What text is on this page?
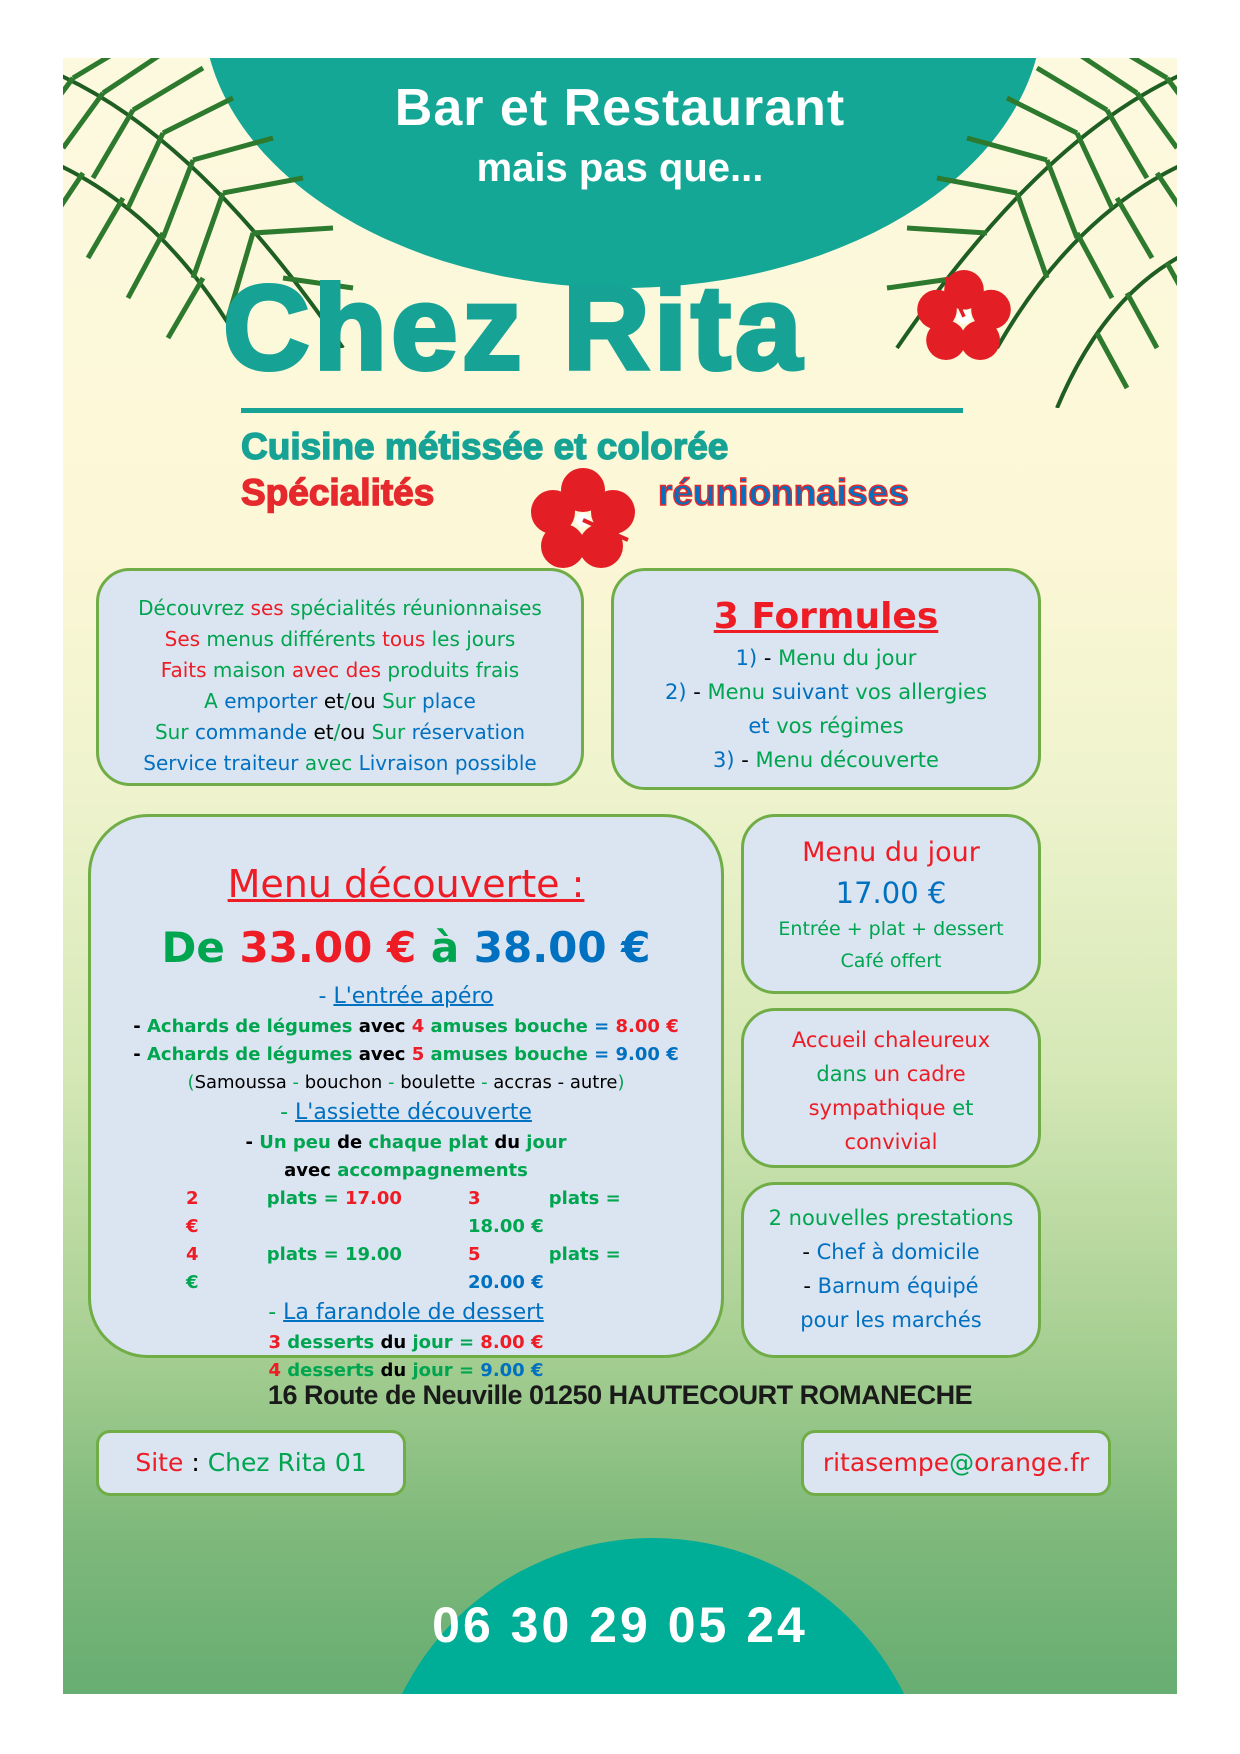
Bar et Restaurant
mais pas que...
Chez Rita
Cuisine métissée et colorée
Spécialités	réunionnaises
Découvrez ses spécialités réunionnaises
Ses menus différents tous les jours
Faits maison avec des produits frais
A emporter et/ou Sur place
Sur commande et/ou Sur réservation
Service traiteur avec Livraison possible
3 Formules
1) - Menu du jour
2) - Menu suivant vos allergies
et vos régimes
3) - Menu découverte
Menu découverte :
De 33.00 € à 38.00 €
- L'entrée apéro
- Achards de légumes avec 4 amuses bouche = 8.00 €
- Achards de légumes avec 5 amuses bouche = 9.00 €
(Samoussa - bouchon - boulette - accras - autre)
- L'assiette découverte
- Un peu de chaque plat du jour
avec accompagnements
2	plats = 17.00 €
3	plats = 18.00 €
4	plats = 19.00 €
5	plats = 20.00 €
- La farandole de dessert
3 desserts du jour = 8.00 €
4 desserts du jour = 9.00 €
Menu du jour
17.00 €
Entrée + plat + dessert
Café offert
Accueil chaleureux
dans un cadre
sympathique et
convivial
2 nouvelles prestations
- Chef à domicile
- Barnum équipé
pour les marchés
16 Route de Neuville 01250 HAUTECOURT ROMANECHE
Site : Chez Rita 01	ritasempe@orange.fr
06 30 29 05 24
